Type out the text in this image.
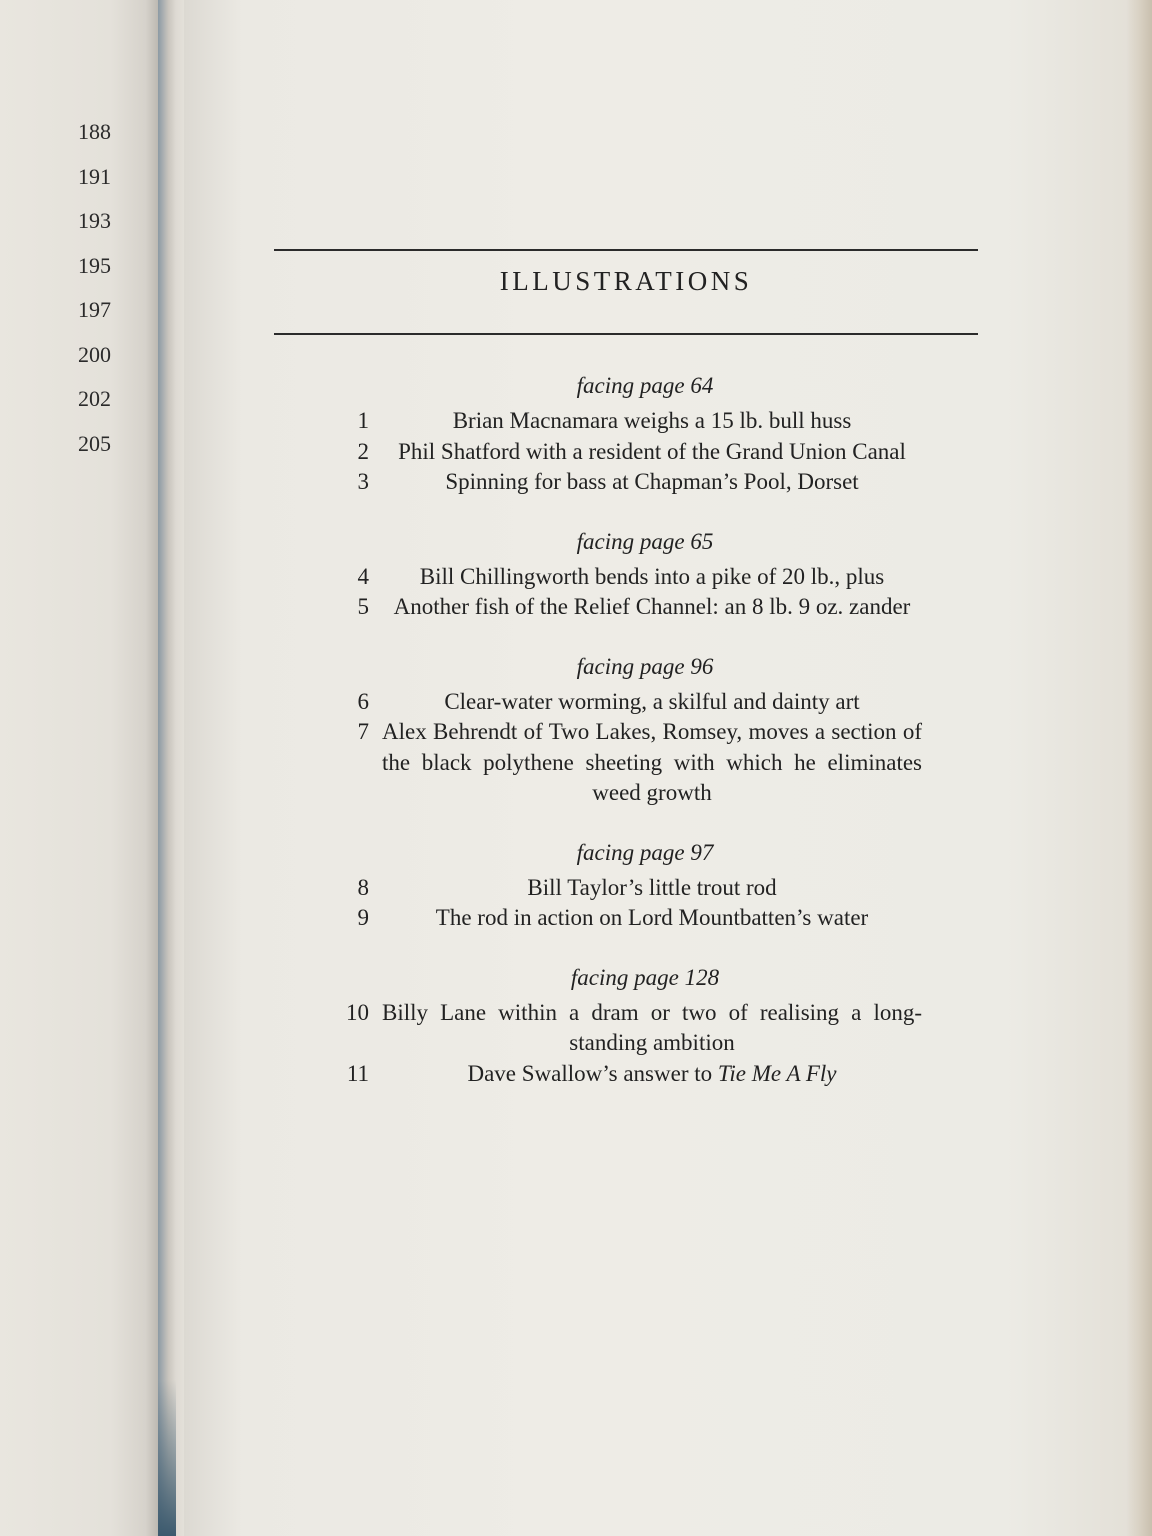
188
191
193
195
197
200
202
205
ILLUSTRATIONS

facing page 64

1	Brian Macnamara weighs a 15 lb. bull huss
2	Phil Shatford with a resident of the Grand Union Canal
3	Spinning for bass at Chapman’s Pool, Dorset

facing page 65

4	Bill Chillingworth bends into a pike of 20 lb., plus
5	Another fish of the Relief Channel: an 8 lb. 9 oz. zander

facing page 96

6	Clear-water worming, a skilful and dainty art
7 Alex Behrendt of Two Lakes, Romsey, moves a section of the black polythene sheeting with which he eliminates weed growth

facing page 97

8	Bill Taylor’s little trout rod
9	The rod in action on Lord Mountbatten’s water

facing page 128

10 Billy Lane within a dram or two of realising a long-standing ambition
11	Dave Swallow’s answer to Tie Me A Fly
